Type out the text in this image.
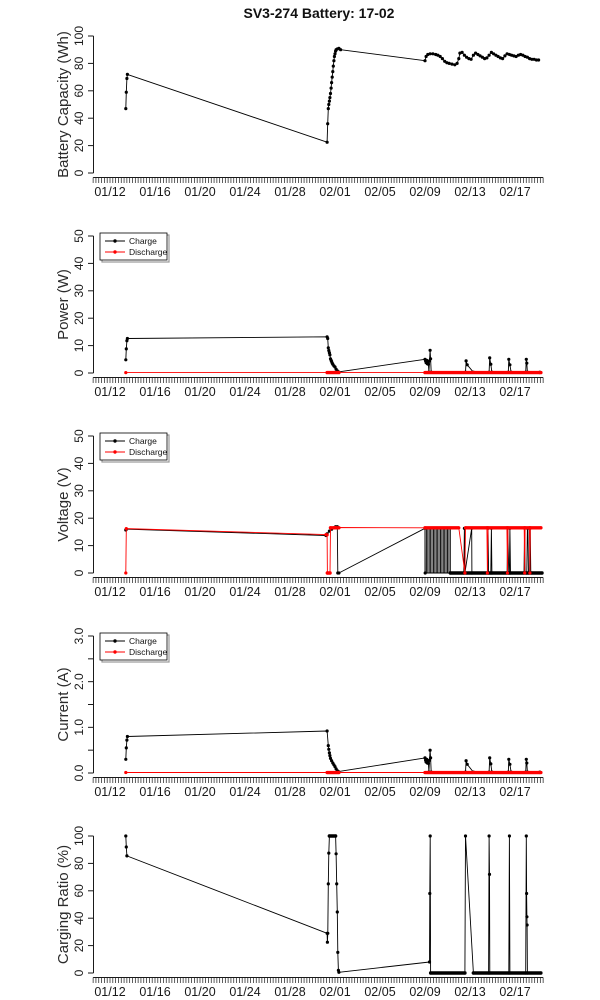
SV3-274 Battery: 17-02
0
20
40
60
80
100
Battery Capacity (Wh)
01/12 01/16 01/20 01/24 01/28 02/01 02/05 02/09 02/13 02/17
0
10
20
30
40
50
Power (W)
01/12 01/16 01/20 01/24 01/28 02/01 02/05 02/09 02/13 02/17
Charge
Discharge
0
10
20
30
40
50
Voltage (V)
01/12 01/16 01/20 01/24 01/28 02/01 02/05 02/09 02/13 02/17
Charge
Discharge
0.0
1.0
2.0
3.0
Current (A)
01/12 01/16 01/20 01/24 01/28 02/01 02/05 02/09 02/13 02/17
Charge
Discharge
0
20
40
60
80
100
Carging Ratio (%)
01/12 01/16 01/20 01/24 01/28 02/01 02/05 02/09 02/13 02/17
